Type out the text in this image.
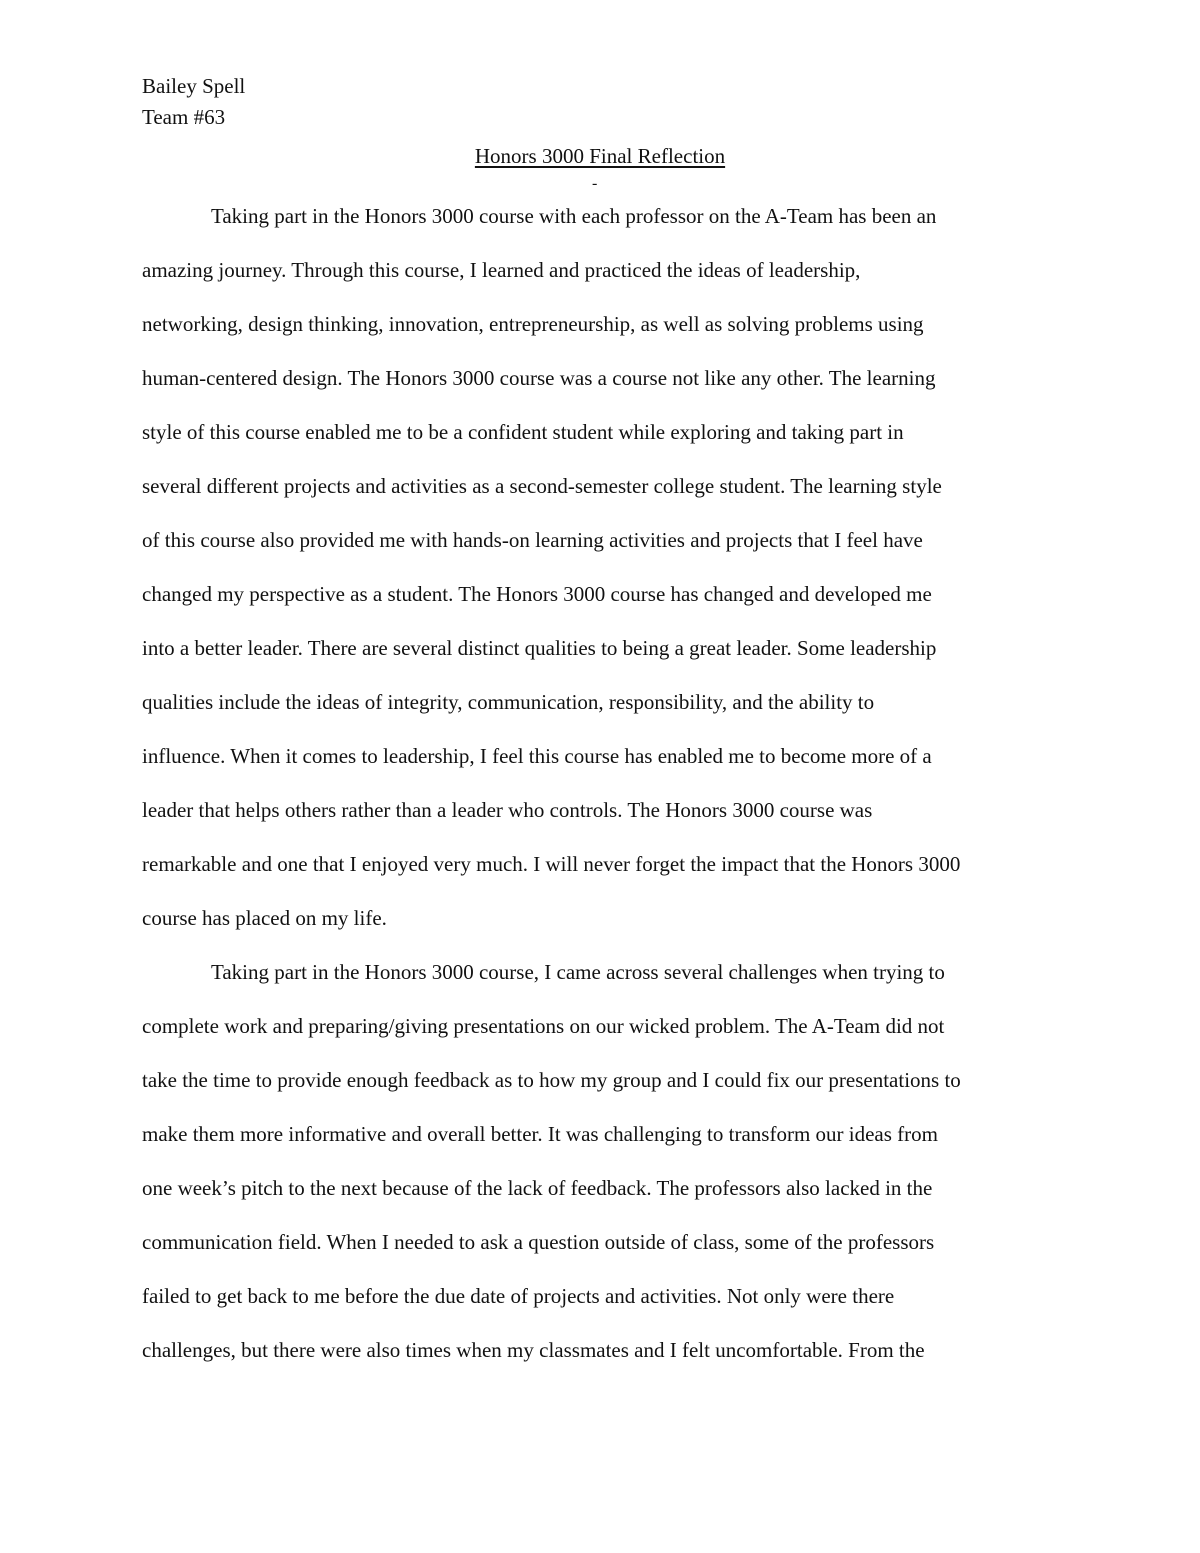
Bailey Spell
Team #63
Honors 3000 Final Reflection
-
Taking part in the Honors 3000 course with each professor on the A-Team has been an
amazing journey. Through this course, I learned and practiced the ideas of leadership,
networking, design thinking, innovation, entrepreneurship, as well as solving problems using
human-centered design. The Honors 3000 course was a course not like any other. The learning
style of this course enabled me to be a confident student while exploring and taking part in
several different projects and activities as a second-semester college student. The learning style
of this course also provided me with hands-on learning activities and projects that I feel have
changed my perspective as a student. The Honors 3000 course has changed and developed me
into a better leader. There are several distinct qualities to being a great leader. Some leadership
qualities include the ideas of integrity, communication, responsibility, and the ability to
influence. When it comes to leadership, I feel this course has enabled me to become more of a
leader that helps others rather than a leader who controls. The Honors 3000 course was
remarkable and one that I enjoyed very much. I will never forget the impact that the Honors 3000
course has placed on my life.
Taking part in the Honors 3000 course, I came across several challenges when trying to
complete work and preparing/giving presentations on our wicked problem. The A-Team did not
take the time to provide enough feedback as to how my group and I could fix our presentations to
make them more informative and overall better. It was challenging to transform our ideas from
one week’s pitch to the next because of the lack of feedback. The professors also lacked in the
communication field. When I needed to ask a question outside of class, some of the professors
failed to get back to me before the due date of projects and activities. Not only were there
challenges, but there were also times when my classmates and I felt uncomfortable. From the
